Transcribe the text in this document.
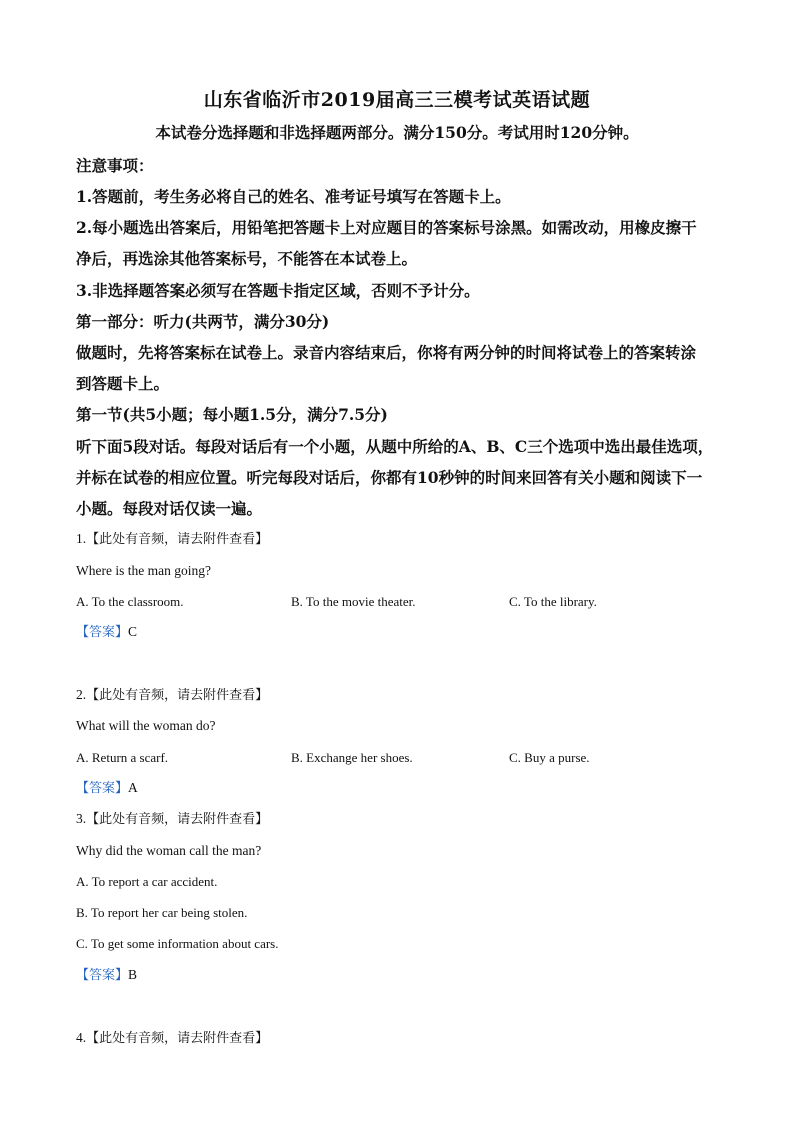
山东省临沂市2019届高三三模考试英语试题
本试卷分选择题和非选择题两部分。满分150分。考试用时120分钟。
注意事项：
1.答题前，考生务必将自己的姓名、准考证号填写在答题卡上。
2.每小题选出答案后，用铅笔把答题卡上对应题目的答案标号涂黑。如需改动，用橡皮擦干
净后，再选涂其他答案标号，不能答在本试卷上。
3.非选择题答案必须写在答题卡指定区域，否则不予计分。
第一部分：听力(共两节，满分30分)
做题时，先将答案标在试卷上。录音内容结束后，你将有两分钟的时间将试卷上的答案转涂
到答题卡上。
第一节(共5小题；每小题1.5分，满分7.5分)
听下面5段对话。每段对话后有一个小题，从题中所给的A、B、C三个选项中选出最佳选项，
并标在试卷的相应位置。听完每段对话后，你都有10秒钟的时间来回答有关小题和阅读下一
小题。每段对话仅读一遍。
1.【此处有音频，请去附件查看】
Where is the man going?
A. To the classroom.	B. To the movie theater.	C. To the library.
【答案】C
2.【此处有音频，请去附件查看】
What will the woman do?
A. Return a scarf.	B. Exchange her shoes.	C. Buy a purse.
【答案】A
3.【此处有音频，请去附件查看】
Why did the woman call the man?
A. To report a car accident.
B. To report her car being stolen.
C. To get some information about cars.
【答案】B
4.【此处有音频，请去附件查看】
